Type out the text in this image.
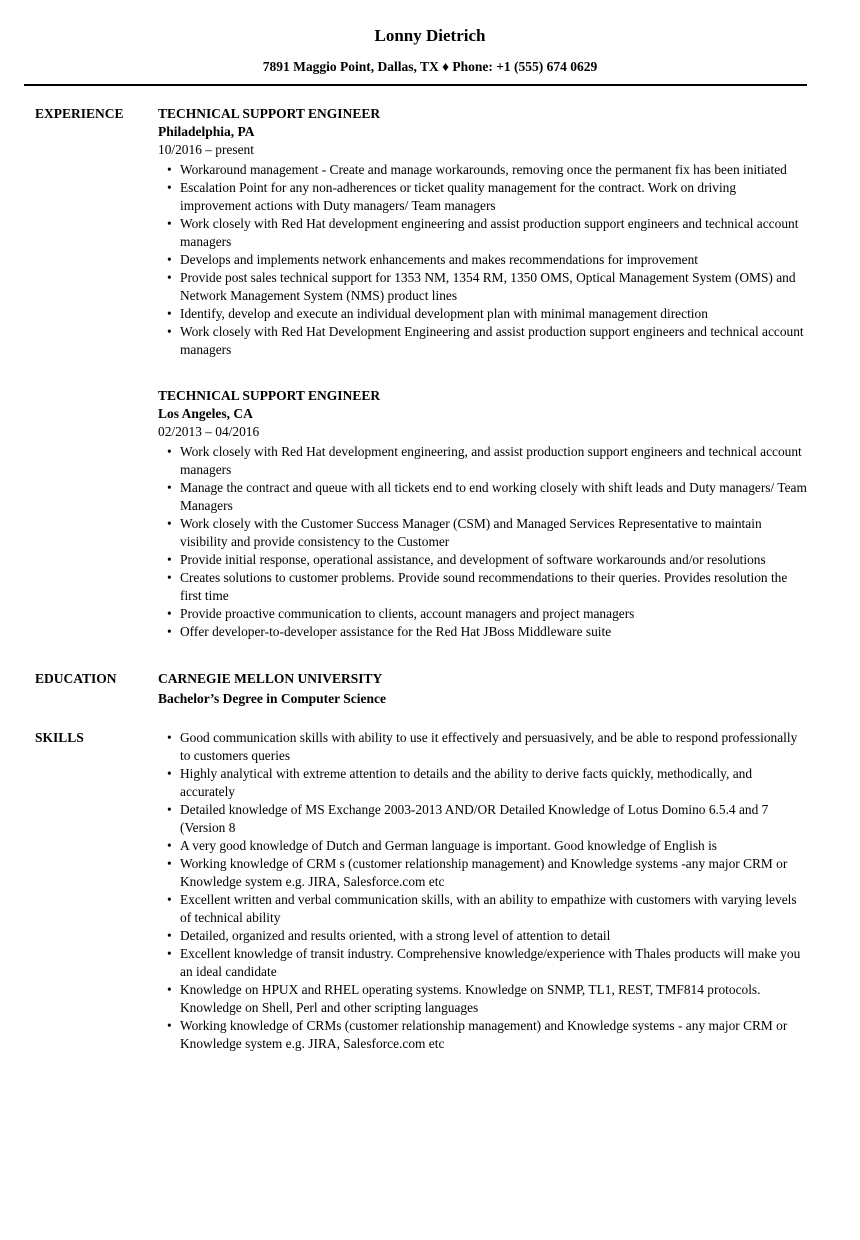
Lonny Dietrich
7891 Maggio Point, Dallas, TX ♦ Phone: +1 (555) 674 0629
EXPERIENCE	TECHNICAL SUPPORT ENGINEER
Philadelphia, PA
10/2016 – present
• Workaround management - Create and manage workarounds, removing once the permanent fix has been initiated
• Escalation Point for any non-adherences or ticket quality management for the contract. Work on driving improvement actions with Duty managers/ Team managers
• Work closely with Red Hat development engineering and assist production support engineers and technical account managers
• Develops and implements network enhancements and makes recommendations for improvement
• Provide post sales technical support for 1353 NM, 1354 RM, 1350 OMS, Optical Management System (OMS) and Network Management System (NMS) product lines
• Identify, develop and execute an individual development plan with minimal management direction
• Work closely with Red Hat Development Engineering and assist production support engineers and technical account managers
TECHNICAL SUPPORT ENGINEER
Los Angeles, CA
02/2013 – 04/2016
• Work closely with Red Hat development engineering, and assist production support engineers and technical account managers
• Manage the contract and queue with all tickets end to end working closely with shift leads and Duty managers/ Team Managers
• Work closely with the Customer Success Manager (CSM) and Managed Services Representative to maintain visibility and provide consistency to the Customer
• Provide initial response, operational assistance, and development of software workarounds and/or resolutions
• Creates solutions to customer problems. Provide sound recommendations to their queries. Provides resolution the first time
• Provide proactive communication to clients, account managers and project managers
• Offer developer-to-developer assistance for the Red Hat JBoss Middleware suite
EDUCATION	CARNEGIE MELLON UNIVERSITY
Bachelor’s Degree in Computer Science
SKILLS	• Good communication skills with ability to use it effectively and persuasively, and be able to respond professionally to customers queries
• Highly analytical with extreme attention to details and the ability to derive facts quickly, methodically, and accurately
• Detailed knowledge of MS Exchange 2003-2013 AND/OR Detailed Knowledge of Lotus Domino 6.5.4 and 7 (Version 8
• A very good knowledge of Dutch and German language is important. Good knowledge of English is
• Working knowledge of CRM s (customer relationship management) and Knowledge systems -any major CRM or Knowledge system e.g. JIRA, Salesforce.com etc
• Excellent written and verbal communication skills, with an ability to empathize with customers with varying levels of technical ability
• Detailed, organized and results oriented, with a strong level of attention to detail
• Excellent knowledge of transit industry. Comprehensive knowledge/experience with Thales products will make you an ideal candidate
• Knowledge on HPUX and RHEL operating systems. Knowledge on SNMP, TL1, REST, TMF814 protocols. Knowledge on Shell, Perl and other scripting languages
• Working knowledge of CRMs (customer relationship management) and Knowledge systems - any major CRM or Knowledge system e.g. JIRA, Salesforce.com etc
